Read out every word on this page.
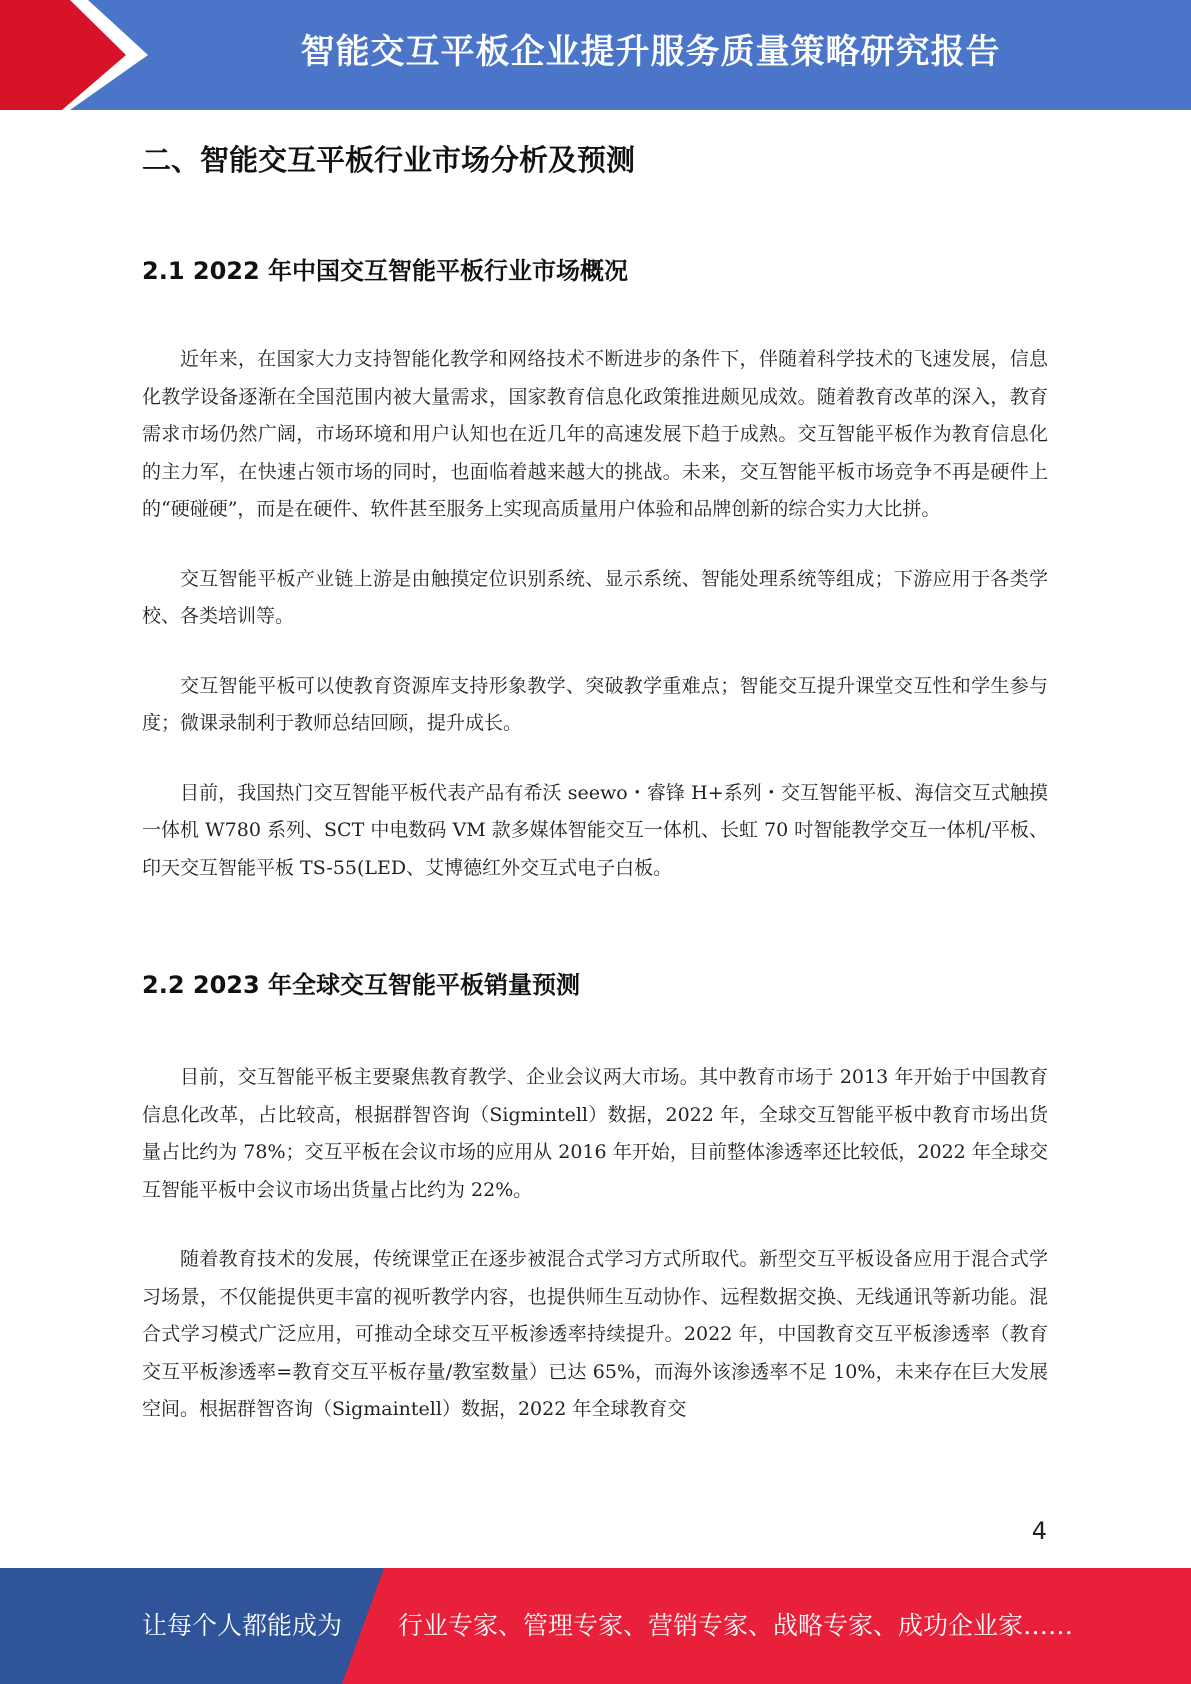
智能交互平板企业提升服务质量策略研究报告
二、智能交互平板行业市场分析及预测
2.1 2022 年中国交互智能平板行业市场概况

近年来，在国家大力支持智能化教学和网络技术不断进步的条件下，伴随着科学技术的飞速发展，信息化教学设备逐渐在全国范围内被大量需求，国家教育信息化政策推进颇见成效。随着教育改革的深入，教育需求市场仍然广阔，市场环境和用户认知也在近几年的高速发展下趋于成熟。交互智能平板作为教育信息化的主力军，在快速占领市场的同时，也面临着越来越大的挑战。未来，交互智能平板市场竞争不再是硬件上的“硬碰硬”，而是在硬件、软件甚至服务上实现高质量用户体验和品牌创新的综合实力大比拼。

交互智能平板产业链上游是由触摸定位识别系统、显示系统、智能处理系统等组成；下游应用于各类学校、各类培训等。

交互智能平板可以使教育资源库支持形象教学、突破教学重难点；智能交互提升课堂交互性和学生参与度；微课录制利于教师总结回顾，提升成长。

目前，我国热门交互智能平板代表产品有希沃 seewo・睿锋 H+系列・交互智能平板、海信交互式触摸一体机 W780 系列、SCT 中电数码 VM 款多媒体智能交互一体机、长虹 70 吋智能教学交互一体机/平板、印天交互智能平板 TS-55(LED、艾博德红外交互式电子白板。

2.2 2023 年全球交互智能平板销量预测

目前，交互智能平板主要聚焦教育教学、企业会议两大市场。其中教育市场于 2013 年开始于中国教育信息化改革，占比较高，根据群智咨询（Sigmintell）数据，2022 年，全球交互智能平板中教育市场出货量占比约为 78%；交互平板在会议市场的应用从 2016 年开始，目前整体渗透率还比较低，2022 年全球交互智能平板中会议市场出货量占比约为 22%。

随着教育技术的发展，传统课堂正在逐步被混合式学习方式所取代。新型交互平板设备应用于混合式学习场景，不仅能提供更丰富的视听教学内容，也提供师生互动协作、远程数据交换、无线通讯等新功能。混合式学习模式广泛应用，可推动全球交互平板渗透率持续提升。2022 年，中国教育交互平板渗透率（教育交互平板渗透率=教育交互平板存量/教室数量）已达 65%，而海外该渗透率不足 10%，未来存在巨大发展空间。根据群智咨询（Sigmaintell）数据，2022 年全球教育交

4
让每个人都能成为 行业专家、管理专家、营销专家、战略专家、成功企业家……
